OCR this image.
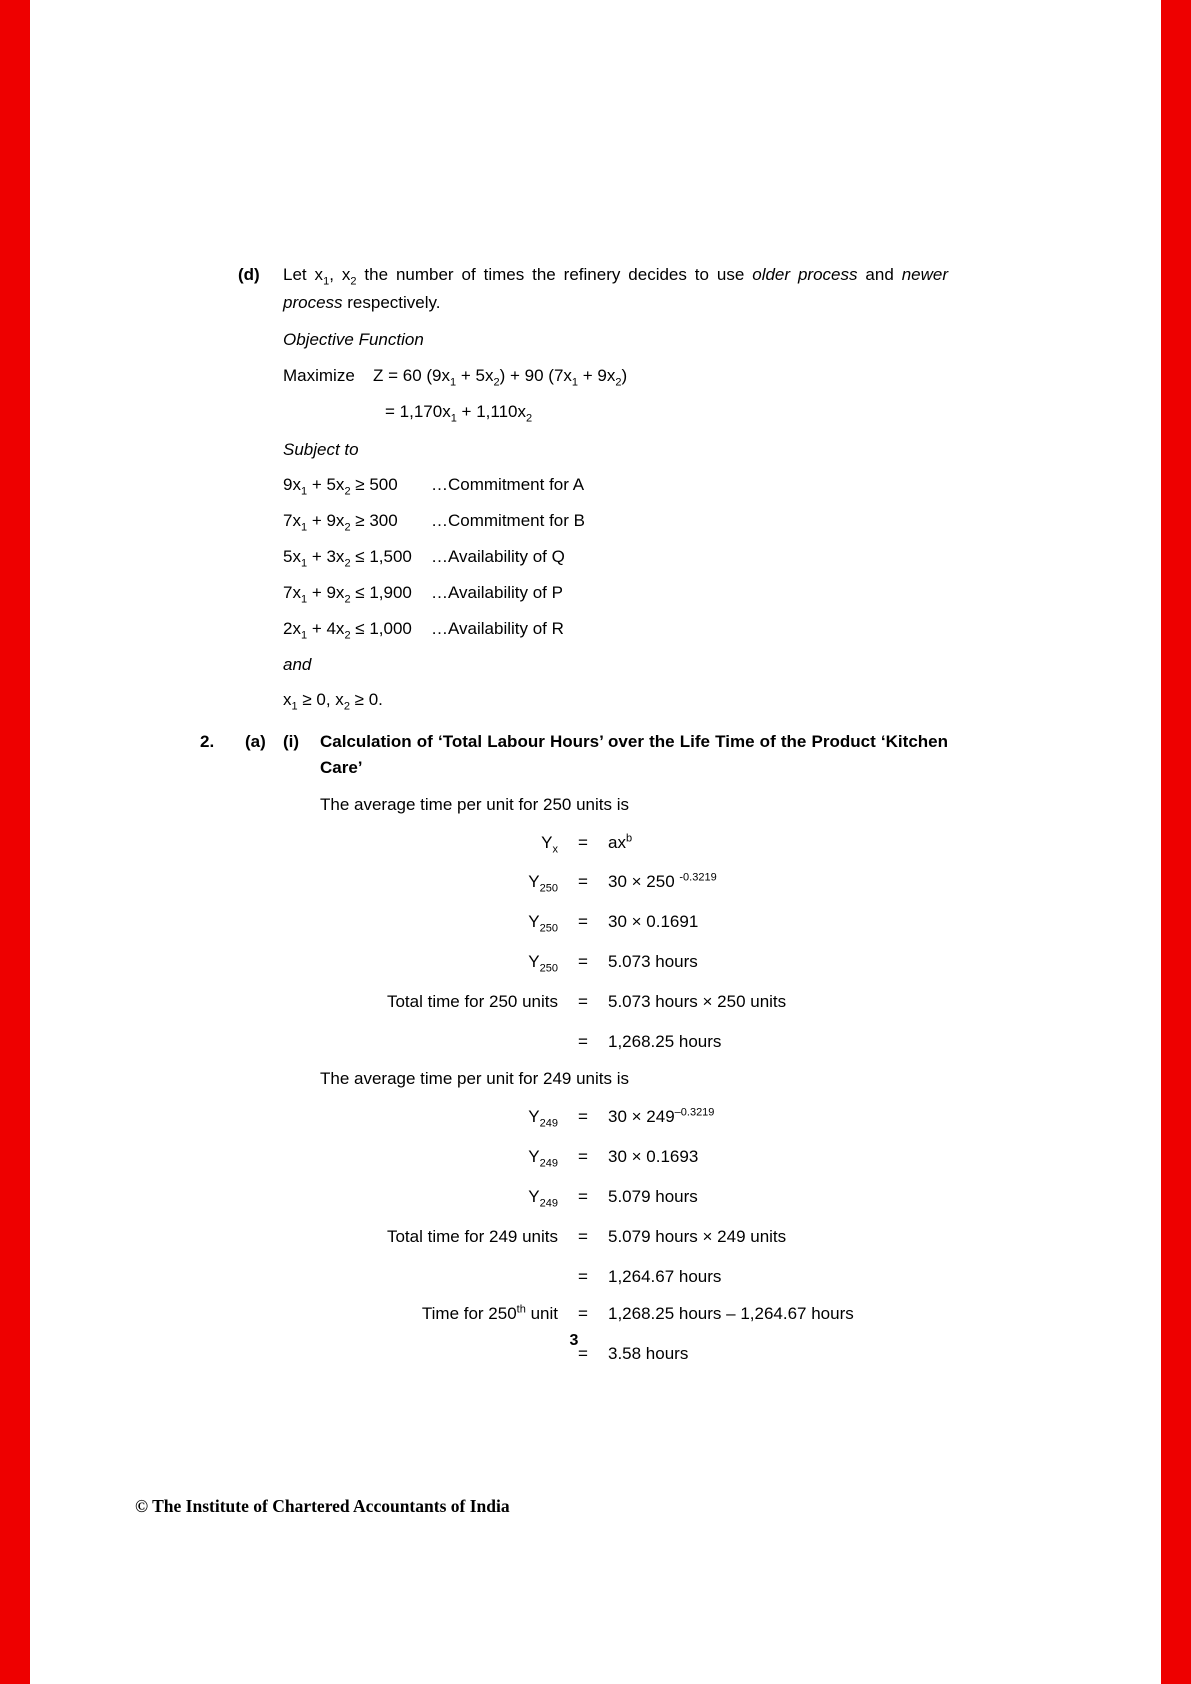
(d)	Let $x_1$, $x_2$ the number of times the refinery decides to use older process and newer process respectively.

Objective Function

Maximize	Z = 60 $(9x_1 + 5x_2) + 90$ $(7x_1 + 9x_2)$
= $1,170x_1 + 1,110x_2$

Subject to

$9x_1 + 5x_2 \ge 500$	…Commitment for A
$7x_1 + 9x_2 \ge 300$	…Commitment for B
$5x_1 + 3x_2 \le 1,500$	…Availability of Q
$7x_1 + 9x_2 \le 1,900$	…Availability of P
$2x_1 + 4x_2 \le 1,000$	…Availability of R

and

$x_1 \ge 0$, $x_2 \ge 0$.
2.	(a)	(i)	Calculation of ‘Total Labour Hours’ over the Life Time of the Product ‘Kitchen Care’

The average time per unit for 250 units is

$Y_x$	=	$ax^b$
$Y_{250}$	=	30 × 250 $^{-0.3219}$
$Y_{250}$	=	30 × 0.1691
$Y_{250}$	=	5.073 hours
Total time for 250 units	=	5.073 hours × 250 units
=	1,268.25 hours

The average time per unit for 249 units is

$Y_{249}$	=	$30 \times 249^{-0.3219}$
$Y_{249}$	=	30 × 0.1693
$Y_{249}$	=	5.079 hours
Total time for 249 units	=	5.079 hours × 249 units
=	1,264.67 hours
Time for 250th unit	=	1,268.25 hours – 1,264.67 hours
=	3.58 hours
3
© The Institute of Chartered Accountants of India
